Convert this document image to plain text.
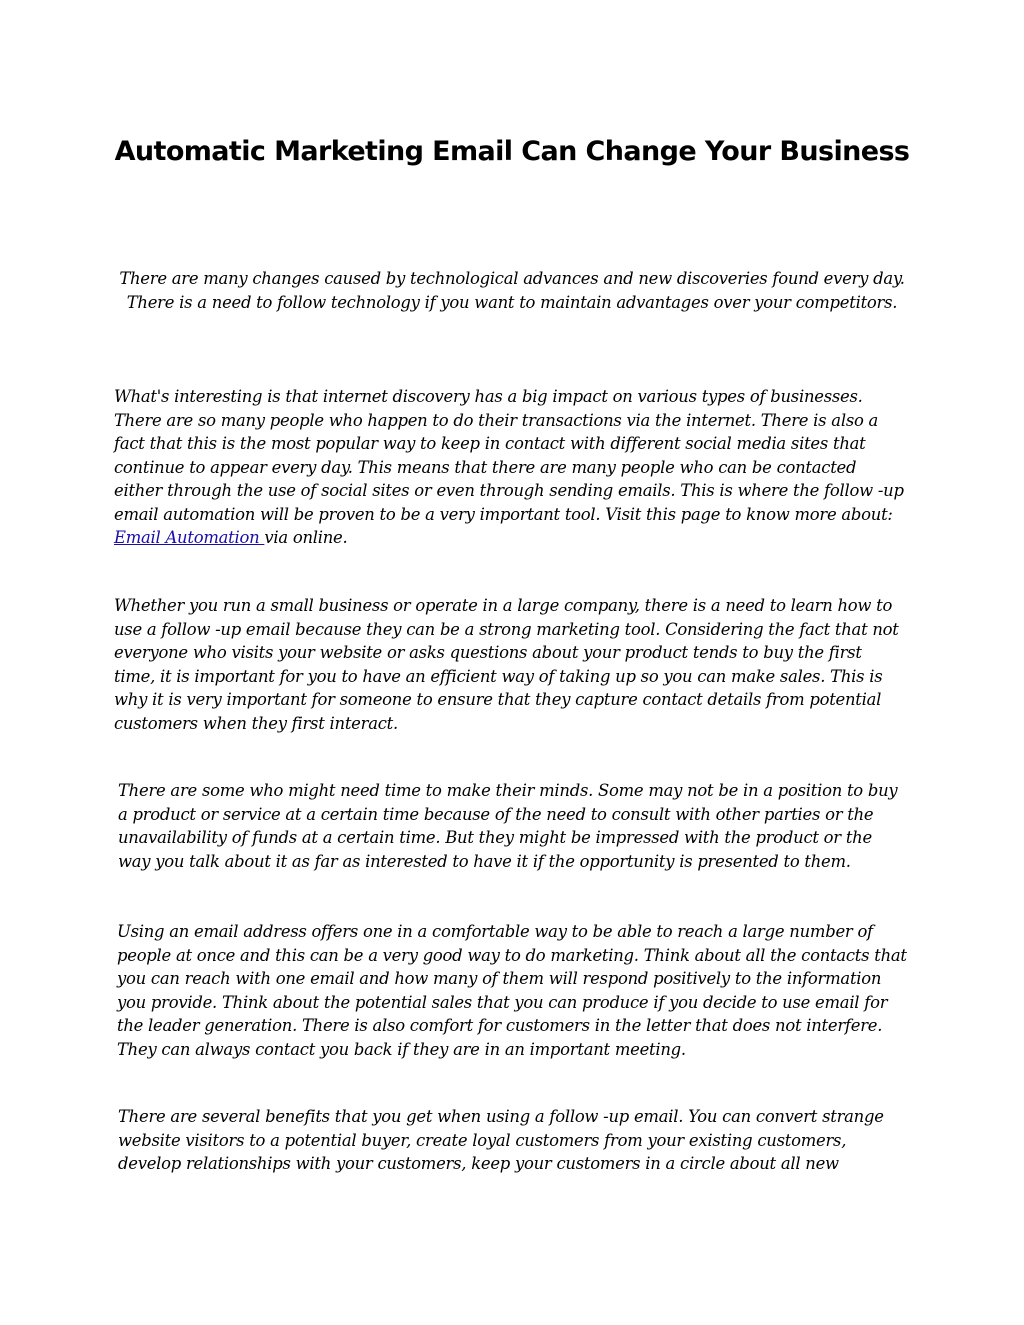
Automatic Marketing Email Can Change Your Business

There are many changes caused by technological advances and new discoveries found every day. There is a need to follow technology if you want to maintain advantages over your competitors.

What's interesting is that internet discovery has a big impact on various types of businesses. There are so many people who happen to do their transactions via the internet. There is also a fact that this is the most popular way to keep in contact with different social media sites that continue to appear every day. This means that there are many people who can be contacted either through the use of social sites or even through sending emails. This is where the follow -up email automation will be proven to be a very important tool. Visit this page to know more about: Email Automation via online.

Whether you run a small business or operate in a large company, there is a need to learn how to use a follow -up email because they can be a strong marketing tool. Considering the fact that not everyone who visits your website or asks questions about your product tends to buy the first time, it is important for you to have an efficient way of taking up so you can make sales. This is why it is very important for someone to ensure that they capture contact details from potential customers when they first interact.

There are some who might need time to make their minds. Some may not be in a position to buy a product or service at a certain time because of the need to consult with other parties or the unavailability of funds at a certain time. But they might be impressed with the product or the way you talk about it as far as interested to have it if the opportunity is presented to them.

Using an email address offers one in a comfortable way to be able to reach a large number of people at once and this can be a very good way to do marketing. Think about all the contacts that you can reach with one email and how many of them will respond positively to the information you provide. Think about the potential sales that you can produce if you decide to use email for the leader generation. There is also comfort for customers in the letter that does not interfere. They can always contact you back if they are in an important meeting.

There are several benefits that you get when using a follow -up email. You can convert strange website visitors to a potential buyer, create loyal customers from your existing customers, develop relationships with your customers, keep your customers in a circle about all new
